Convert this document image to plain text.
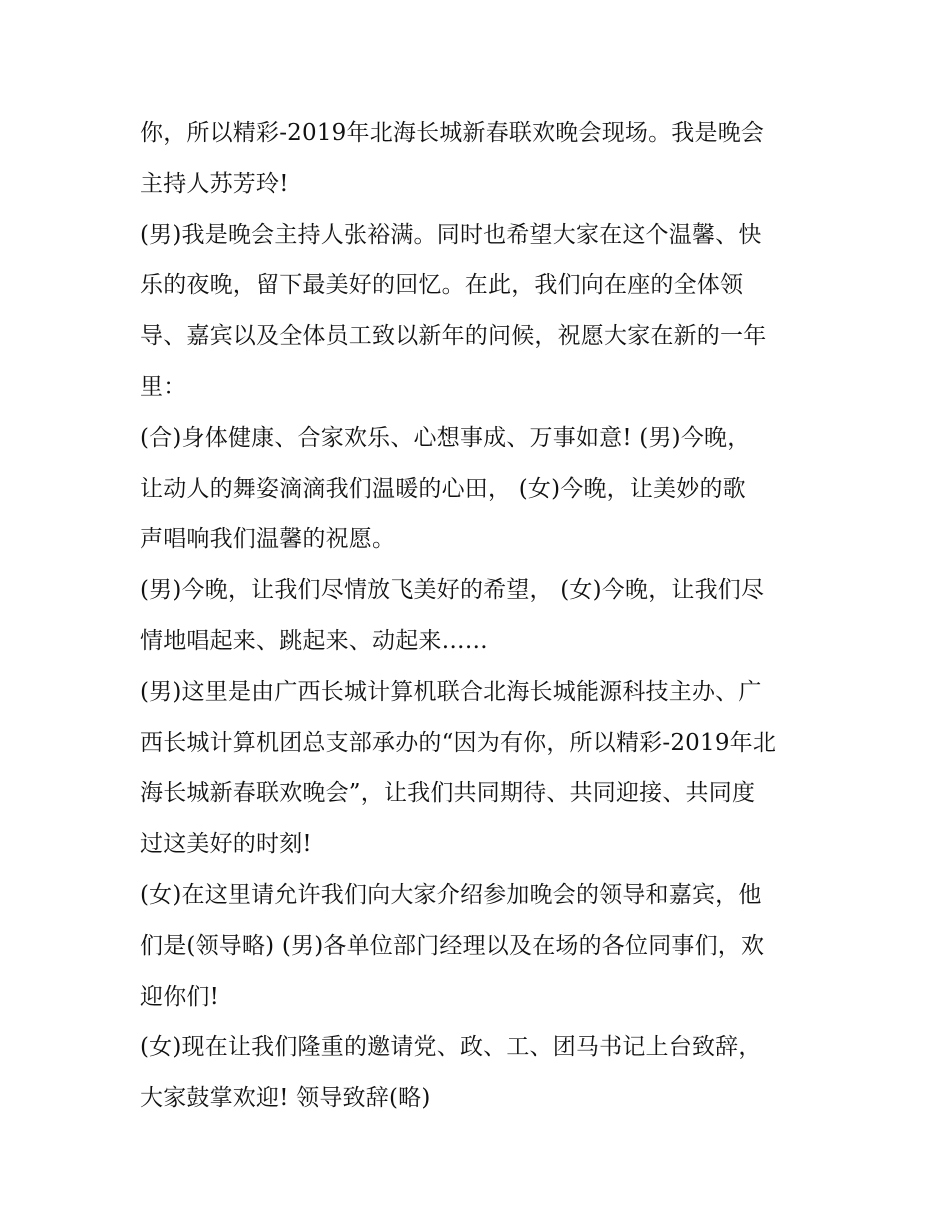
你，所以精彩-2019年北海长城新春联欢晚会现场。我是晚会
主持人苏芳玲!
(男)我是晚会主持人张裕满。同时也希望大家在这个温馨、快
乐的夜晚，留下最美好的回忆。在此，我们向在座的全体领
导、嘉宾以及全体员工致以新年的问候，祝愿大家在新的一年
里：
(合)身体健康、合家欢乐、心想事成、万事如意! (男)今晚，
让动人的舞姿滴滴我们温暖的心田， (女)今晚，让美妙的歌
声唱响我们温馨的祝愿。
(男)今晚，让我们尽情放飞美好的希望， (女)今晚，让我们尽
情地唱起来、跳起来、动起来……
(男)这里是由广西长城计算机联合北海长城能源科技主办、广
西长城计算机团总支部承办的“因为有你，所以精彩-2019年北
海长城新春联欢晚会”，让我们共同期待、共同迎接、共同度
过这美好的时刻!
(女)在这里请允许我们向大家介绍参加晚会的领导和嘉宾，他
们是(领导略) (男)各单位部门经理以及在场的各位同事们，欢
迎你们!
(女)现在让我们隆重的邀请党、政、工、团马书记上台致辞，
大家鼓掌欢迎! 领导致辞(略)
